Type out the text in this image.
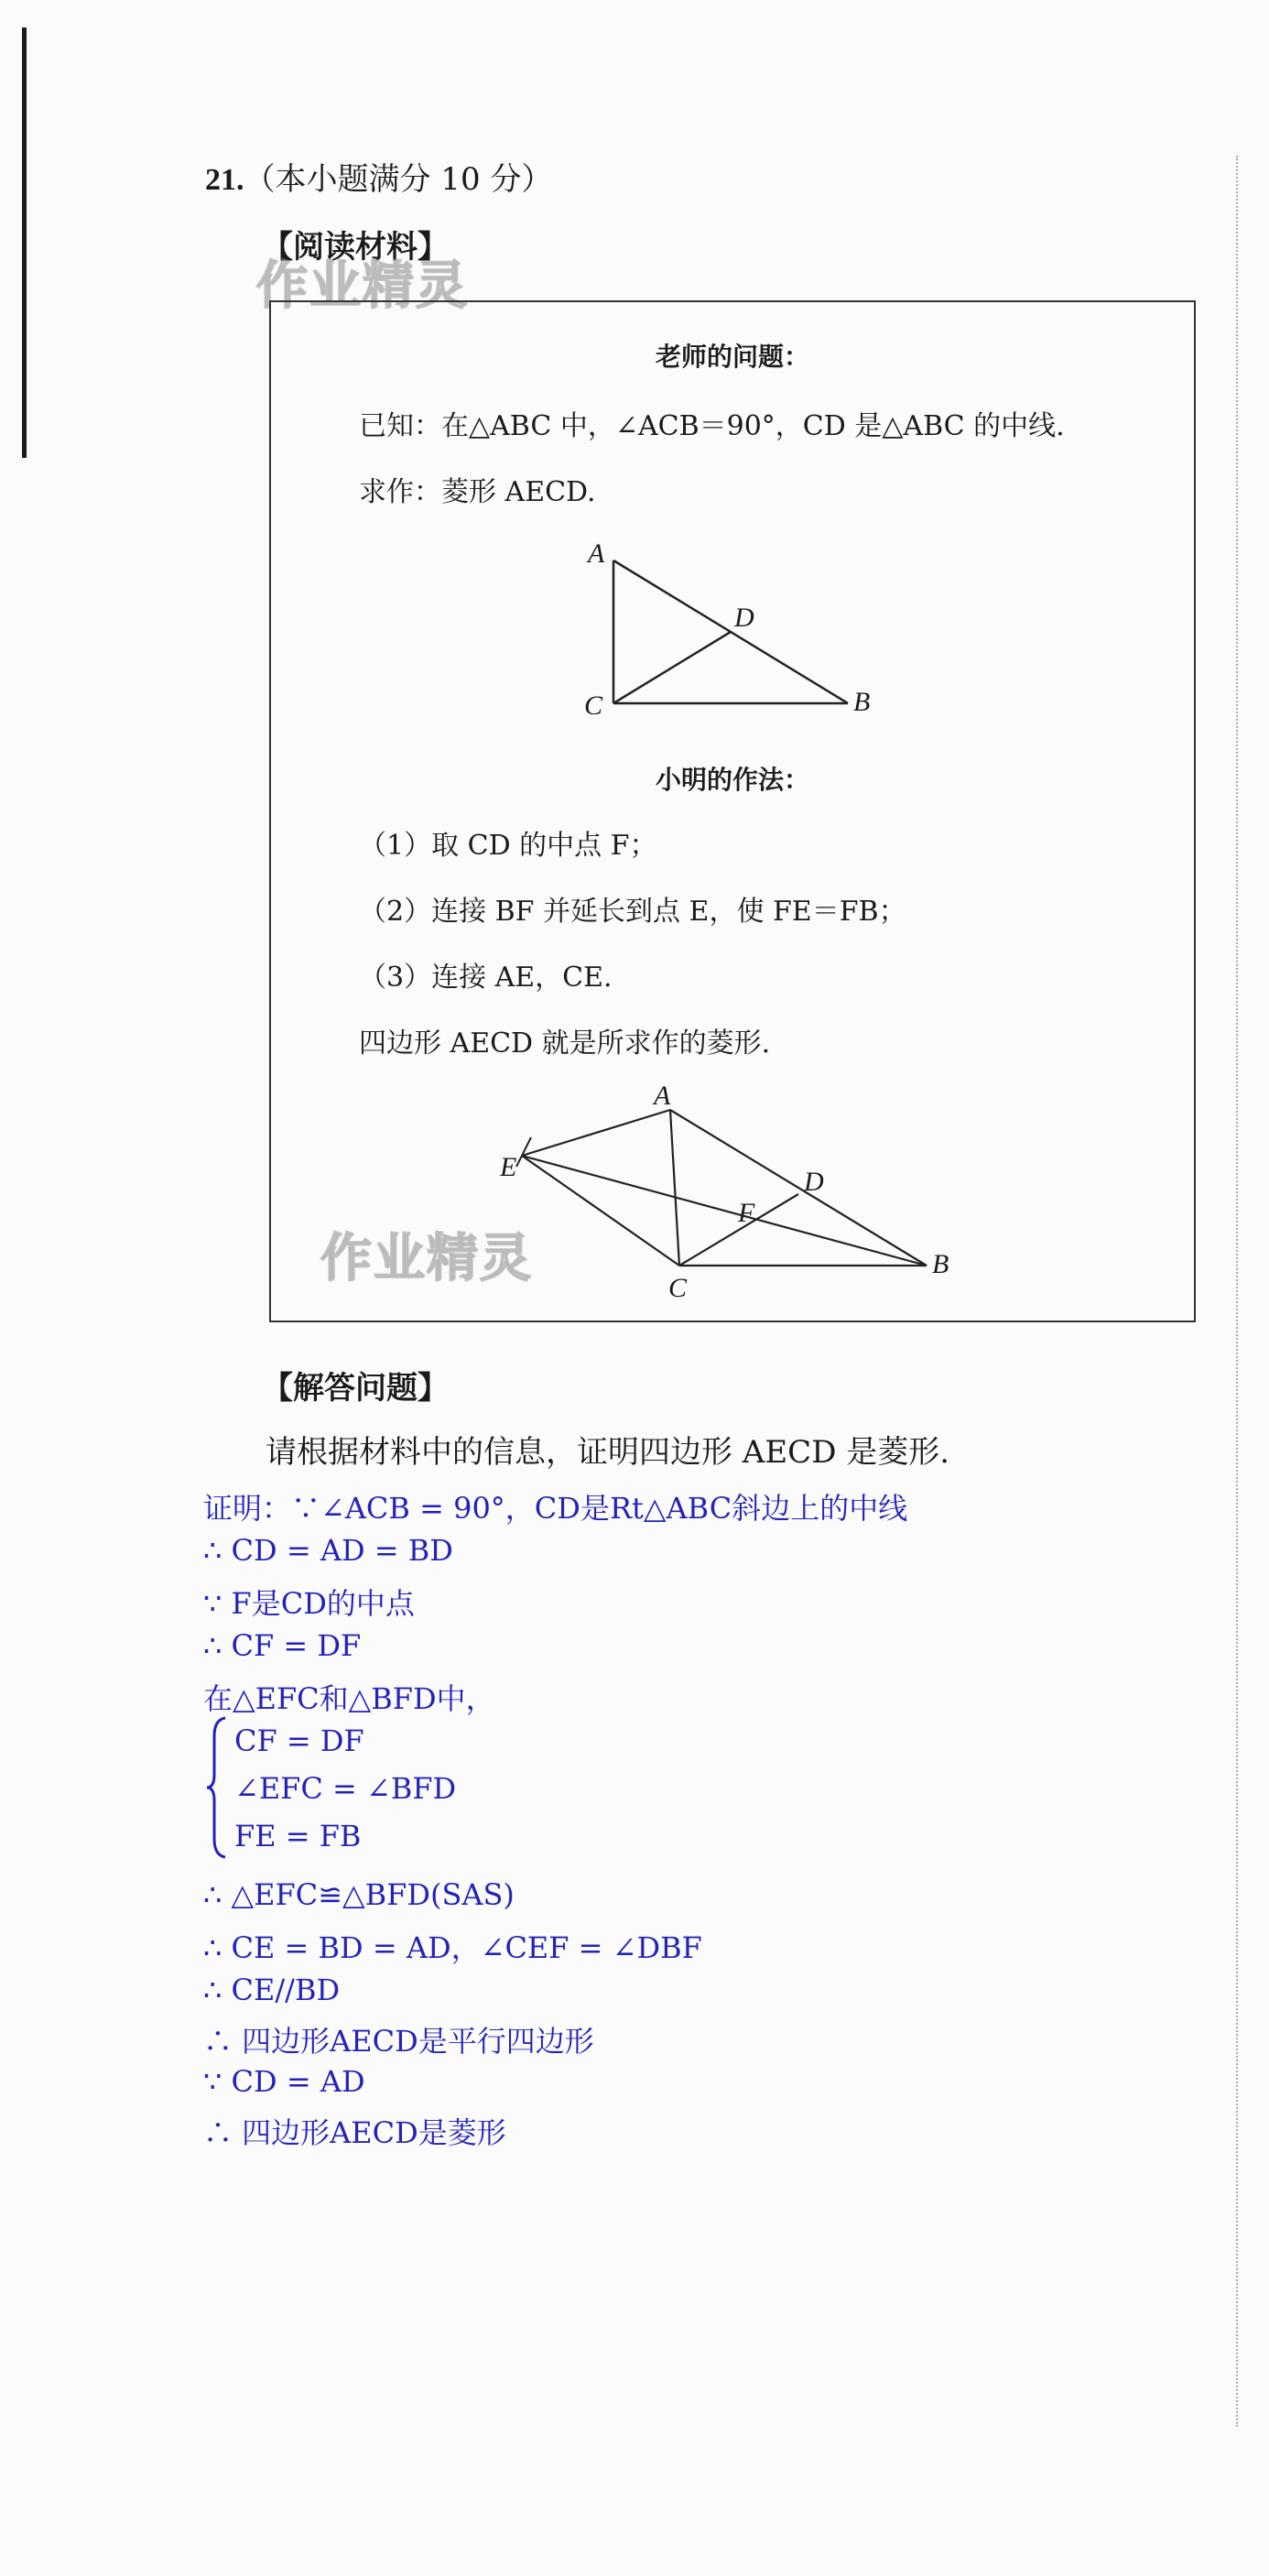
21.（本小题满分 10 分）
【阅读材料】
作业精灵
老师的问题：
已知：在△ABC 中，∠ACB＝90°，CD 是△ABC 的中线.
求作：菱形 AECD.
A
D
C	B
小明的作法：
（1）取 CD 的中点 F；
（2）连接 BF 并延长到点 E，使 FE＝FB；
（3）连接 AE，CE.
四边形 AECD 就是所求作的菱形.
A
D
F
E
C
B
作业精灵
【解答问题】
请根据材料中的信息，证明四边形 AECD 是菱形.
证明：∵∠ACB = 90°，CD是Rt△ABC斜边上的中线
∴ CD = AD = BD
∵ F是CD的中点
∴ CF = DF
在△EFC和△BFD中，
CF = DF
∠EFC = ∠BFD
FE = FB
∴ △EFC≌△BFD(SAS)
∴ CE = BD = AD，∠CEF = ∠DBF
∴ CE//BD
∴ 四边形AECD是平行四边形
∵ CD = AD
∴ 四边形AECD是菱形
